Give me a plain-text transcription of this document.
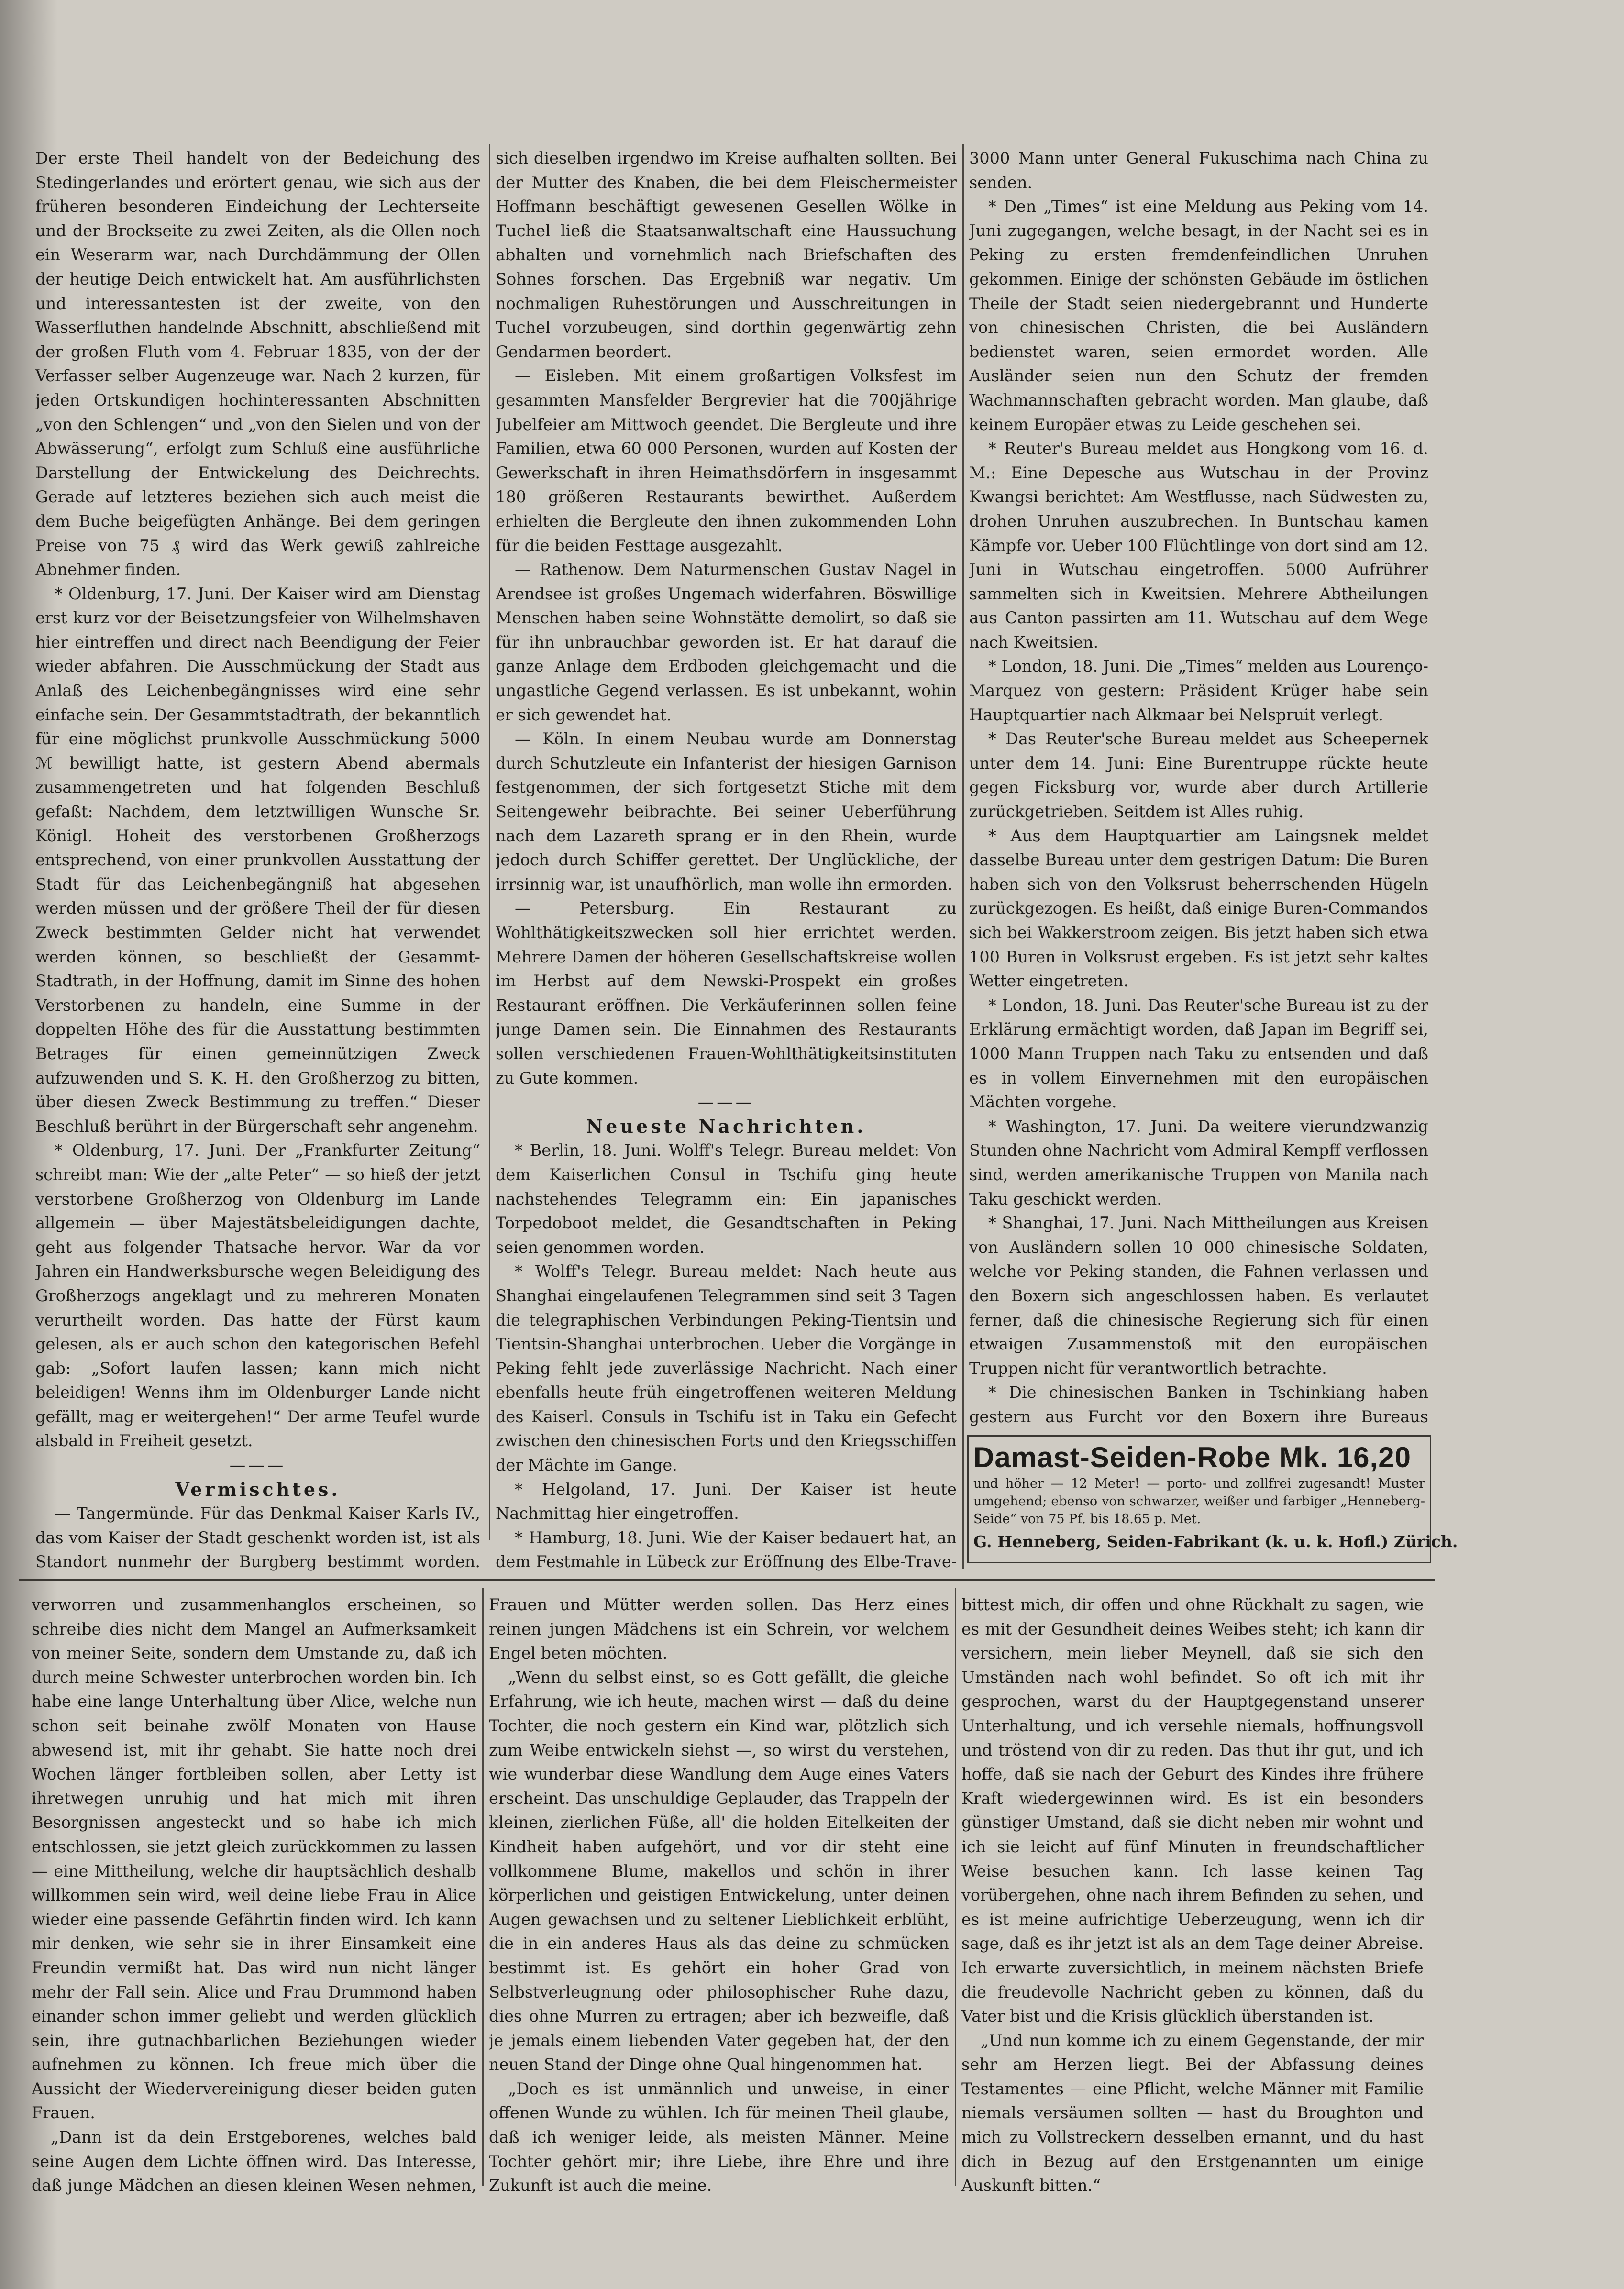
Der erste Theil handelt von der Bedeichung des Stedingerlandes und erörtert genau, wie sich aus der früheren besonderen Eindeichung der Lechterseite und der Brockseite zu zwei Zeiten, als die Ollen noch ein Weserarm war, nach Durchdämmung der Ollen der heutige Deich entwickelt hat. Am ausführlichsten und interessantesten ist der zweite, von den Wasserfluthen handelnde Abschnitt, abschließend mit der großen Fluth vom 4. Februar 1835, von der der Verfasser selber Augenzeuge war. Nach 2 kurzen, für jeden Ortskundigen hochinteressanten Abschnitten „von den Schlengen“ und „von den Sielen und von der Abwässerung“, erfolgt zum Schluß eine ausführliche Darstellung der Entwickelung des Deichrechts. Gerade auf letzteres beziehen sich auch meist die dem Buche beigefügten Anhänge. Bei dem geringen Preise von 75 ₰ wird das Werk gewiß zahlreiche Abnehmer finden.

* Oldenburg, 17. Juni. Der Kaiser wird am Dienstag erst kurz vor der Beisetzungsfeier von Wilhelmshaven hier eintreffen und direct nach Beendigung der Feier wieder abfahren. Die Ausschmückung der Stadt aus Anlaß des Leichenbegängnisses wird eine sehr einfache sein. Der Gesammtstadtrath, der bekanntlich für eine möglichst prunkvolle Ausschmückung 5000 ℳ bewilligt hatte, ist gestern Abend abermals zusammengetreten und hat folgenden Beschluß gefaßt: Nachdem, dem letztwilligen Wunsche Sr. Königl. Hoheit des verstorbenen Großherzogs entsprechend, von einer prunkvollen Ausstattung der Stadt für das Leichenbegängniß hat abgesehen werden müssen und der größere Theil der für diesen Zweck bestimmten Gelder nicht hat verwendet werden können, so beschließt der Gesammt-Stadtrath, in der Hoffnung, damit im Sinne des hohen Verstorbenen zu handeln, eine Summe in der doppelten Höhe des für die Ausstattung bestimmten Betrages für einen gemeinnützigen Zweck aufzuwenden und S. K. H. den Großherzog zu bitten, über diesen Zweck Bestimmung zu treffen.“ Dieser Beschluß berührt in der Bürgerschaft sehr angenehm.

* Oldenburg, 17. Juni. Der „Frankfurter Zeitung“ schreibt man: Wie der „alte Peter“ — so hieß der jetzt verstorbene Großherzog von Oldenburg im Lande allgemein — über Majestätsbeleidigungen dachte, geht aus folgender Thatsache hervor. War da vor Jahren ein Handwerksbursche wegen Beleidigung des Großherzogs angeklagt und zu mehreren Monaten verurtheilt worden. Das hatte der Fürst kaum gelesen, als er auch schon den kategorischen Befehl gab: „Sofort laufen lassen; kann mich nicht beleidigen! Wenns ihm im Oldenburger Lande nicht gefällt, mag er weitergehen!“ Der arme Teufel wurde alsbald in Freiheit gesetzt.

———

Vermischtes.

— Tangermünde. Für das Denkmal Kaiser Karls IV., das vom Kaiser der Stadt geschenkt worden ist, ist als Standort nunmehr der Burgberg bestimmt worden.

sich dieselben irgendwo im Kreise aufhalten sollten. Bei der Mutter des Knaben, die bei dem Fleischermeister Hoffmann beschäftigt gewesenen Gesellen Wölke in Tuchel ließ die Staatsanwaltschaft eine Haussuchung abhalten und vornehmlich nach Briefschaften des Sohnes forschen. Das Ergebniß war negativ. Um nochmaligen Ruhestörungen und Ausschreitungen in Tuchel vorzubeugen, sind dorthin gegenwärtig zehn Gendarmen beordert.

— Eisleben. Mit einem großartigen Volksfest im gesammten Mansfelder Bergrevier hat die 700jährige Jubelfeier am Mittwoch geendet. Die Bergleute und ihre Familien, etwa 60 000 Personen, wurden auf Kosten der Gewerkschaft in ihren Heimathsdörfern in insgesammt 180 größeren Restaurants bewirthet. Außerdem erhielten die Bergleute den ihnen zukommenden Lohn für die beiden Festtage ausgezahlt.

— Rathenow. Dem Naturmenschen Gustav Nagel in Arendsee ist großes Ungemach widerfahren. Böswillige Menschen haben seine Wohnstätte demolirt, so daß sie für ihn unbrauchbar geworden ist. Er hat darauf die ganze Anlage dem Erdboden gleichgemacht und die ungastliche Gegend verlassen. Es ist unbekannt, wohin er sich gewendet hat.

— Köln. In einem Neubau wurde am Donnerstag durch Schutzleute ein Infanterist der hiesigen Garnison festgenommen, der sich fortgesetzt Stiche mit dem Seitengewehr beibrachte. Bei seiner Ueberführung nach dem Lazareth sprang er in den Rhein, wurde jedoch durch Schiffer gerettet. Der Unglückliche, der irrsinnig war, ist unaufhörlich, man wolle ihn ermorden.

— Petersburg. Ein Restaurant zu Wohlthätigkeitszwecken soll hier errichtet werden. Mehrere Damen der höheren Gesellschaftskreise wollen im Herbst auf dem Newski-Prospekt ein großes Restaurant eröffnen. Die Verkäuferinnen sollen feine junge Damen sein. Die Einnahmen des Restaurants sollen verschiedenen Frauen-Wohlthätigkeitsinstituten zu Gute kommen.

———

Neueste Nachrichten.

* Berlin, 18. Juni. Wolff's Telegr. Bureau meldet: Von dem Kaiserlichen Consul in Tschifu ging heute nachstehendes Telegramm ein: Ein japanisches Torpedoboot meldet, die Gesandtschaften in Peking seien genommen worden.

* Wolff's Telegr. Bureau meldet: Nach heute aus Shanghai eingelaufenen Telegrammen sind seit 3 Tagen die telegraphischen Verbindungen Peking-Tientsin und Tientsin-Shanghai unterbrochen. Ueber die Vorgänge in Peking fehlt jede zuverlässige Nachricht. Nach einer ebenfalls heute früh eingetroffenen weiteren Meldung des Kaiserl. Consuls in Tschifu ist in Taku ein Gefecht zwischen den chinesischen Forts und den Kriegsschiffen der Mächte im Gange.

* Helgoland, 17. Juni. Der Kaiser ist heute Nachmittag hier eingetroffen.

* Hamburg, 18. Juni. Wie der Kaiser bedauert hat, an dem Festmahle in Lübeck zur Eröffnung des Elbe-Trave-

3000 Mann unter General Fukuschima nach China zu senden.

* Den „Times“ ist eine Meldung aus Peking vom 14. Juni zugegangen, welche besagt, in der Nacht sei es in Peking zu ersten fremdenfeindlichen Unruhen gekommen. Einige der schönsten Gebäude im östlichen Theile der Stadt seien niedergebrannt und Hunderte von chinesischen Christen, die bei Ausländern bedienstet waren, seien ermordet worden. Alle Ausländer seien nun den Schutz der fremden Wachmannschaften gebracht worden. Man glaube, daß keinem Europäer etwas zu Leide geschehen sei.

* Reuter's Bureau meldet aus Hongkong vom 16. d. M.: Eine Depesche aus Wutschau in der Provinz Kwangsi berichtet: Am Westflusse, nach Südwesten zu, drohen Unruhen auszubrechen. In Buntschau kamen Kämpfe vor. Ueber 100 Flüchtlinge von dort sind am 12. Juni in Wutschau eingetroffen. 5000 Aufrührer sammelten sich in Kweitsien. Mehrere Abtheilungen aus Canton passirten am 11. Wutschau auf dem Wege nach Kweitsien.

* London, 18. Juni. Die „Times“ melden aus Lourenço-Marquez von gestern: Präsident Krüger habe sein Hauptquartier nach Alkmaar bei Nelspruit verlegt.

* Das Reuter'sche Bureau meldet aus Scheepernek unter dem 14. Juni: Eine Burentruppe rückte heute gegen Ficksburg vor, wurde aber durch Artillerie zurückgetrieben. Seitdem ist Alles ruhig.

* Aus dem Hauptquartier am Laingsnek meldet dasselbe Bureau unter dem gestrigen Datum: Die Buren haben sich von den Volksrust beherrschenden Hügeln zurückgezogen. Es heißt, daß einige Buren-Commandos sich bei Wakkerstroom zeigen. Bis jetzt haben sich etwa 100 Buren in Volksrust ergeben. Es ist jetzt sehr kaltes Wetter eingetreten.

* London, 18. Juni. Das Reuter'sche Bureau ist zu der Erklärung ermächtigt worden, daß Japan im Begriff sei, 1000 Mann Truppen nach Taku zu entsenden und daß es in vollem Einvernehmen mit den europäischen Mächten vorgehe.

* Washington, 17. Juni. Da weitere vierundzwanzig Stunden ohne Nachricht vom Admiral Kempff verflossen sind, werden amerikanische Truppen von Manila nach Taku geschickt werden.

* Shanghai, 17. Juni. Nach Mittheilungen aus Kreisen von Ausländern sollen 10 000 chinesische Soldaten, welche vor Peking standen, die Fahnen verlassen und den Boxern sich angeschlossen haben. Es verlautet ferner, daß die chinesische Regierung sich für einen etwaigen Zusammenstoß mit den europäischen Truppen nicht für verantwortlich betrachte.

* Die chinesischen Banken in Tschinkiang haben gestern aus Furcht vor den Boxern ihre Bureaus

Damast-Seiden-Robe Mk. 16,20
und höher — 12 Meter! — porto- und zollfrei zugesandt! Muster umgehend; ebenso von schwarzer, weißer und farbiger „Henneberg-Seide“ von 75 Pf. bis 18.65 p. Met.
G. Henneberg, Seiden-Fabrikant (k. u. k. Hofl.) Zürich.

verworren und zusammenhanglos erscheinen, so schreibe dies nicht dem Mangel an Aufmerksamkeit von meiner Seite, sondern dem Umstande zu, daß ich durch meine Schwester unterbrochen worden bin. Ich habe eine lange Unterhaltung über Alice, welche nun schon seit beinahe zwölf Monaten von Hause abwesend ist, mit ihr gehabt. Sie hatte noch drei Wochen länger fortbleiben sollen, aber Letty ist ihretwegen unruhig und hat mich mit ihren Besorgnissen angesteckt und so habe ich mich entschlossen, sie jetzt gleich zurückkommen zu lassen — eine Mittheilung, welche dir hauptsächlich deshalb willkommen sein wird, weil deine liebe Frau in Alice wieder eine passende Gefährtin finden wird. Ich kann mir denken, wie sehr sie in ihrer Einsamkeit eine Freundin vermißt hat. Das wird nun nicht länger mehr der Fall sein. Alice und Frau Drummond haben einander schon immer geliebt und werden glücklich sein, ihre gutnachbarlichen Beziehungen wieder aufnehmen zu können. Ich freue mich über die Aussicht der Wiedervereinigung dieser beiden guten Frauen.

„Dann ist da dein Erstgeborenes, welches bald seine Augen dem Lichte öffnen wird. Das Interesse, daß junge Mädchen an diesen kleinen Wesen nehmen,

Frauen und Mütter werden sollen. Das Herz eines reinen jungen Mädchens ist ein Schrein, vor welchem Engel beten möchten.

„Wenn du selbst einst, so es Gott gefällt, die gleiche Erfahrung, wie ich heute, machen wirst — daß du deine Tochter, die noch gestern ein Kind war, plötzlich sich zum Weibe entwickeln siehst —, so wirst du verstehen, wie wunderbar diese Wandlung dem Auge eines Vaters erscheint. Das unschuldige Geplauder, das Trappeln der kleinen, zierlichen Füße, all' die holden Eitelkeiten der Kindheit haben aufgehört, und vor dir steht eine vollkommene Blume, makellos und schön in ihrer körperlichen und geistigen Entwickelung, unter deinen Augen gewachsen und zu seltener Lieblichkeit erblüht, die in ein anderes Haus als das deine zu schmücken bestimmt ist. Es gehört ein hoher Grad von Selbstverleugnung oder philosophischer Ruhe dazu, dies ohne Murren zu ertragen; aber ich bezweifle, daß je jemals einem liebenden Vater gegeben hat, der den neuen Stand der Dinge ohne Qual hingenommen hat.

„Doch es ist unmännlich und unweise, in einer offenen Wunde zu wühlen. Ich für meinen Theil glaube, daß ich weniger leide, als meisten Männer. Meine Tochter gehört mir; ihre Liebe, ihre Ehre und ihre Zukunft ist auch die meine.

bittest mich, dir offen und ohne Rückhalt zu sagen, wie es mit der Gesundheit deines Weibes steht; ich kann dir versichern, mein lieber Meynell, daß sie sich den Umständen nach wohl befindet. So oft ich mit ihr gesprochen, warst du der Hauptgegenstand unserer Unterhaltung, und ich versehle niemals, hoffnungsvoll und tröstend von dir zu reden. Das thut ihr gut, und ich hoffe, daß sie nach der Geburt des Kindes ihre frühere Kraft wiedergewinnen wird. Es ist ein besonders günstiger Umstand, daß sie dicht neben mir wohnt und ich sie leicht auf fünf Minuten in freundschaftlicher Weise besuchen kann. Ich lasse keinen Tag vorübergehen, ohne nach ihrem Befinden zu sehen, und es ist meine aufrichtige Ueberzeugung, wenn ich dir sage, daß es ihr jetzt ist als an dem Tage deiner Abreise. Ich erwarte zuversichtlich, in meinem nächsten Briefe die freudevolle Nachricht geben zu können, daß du Vater bist und die Krisis glücklich überstanden ist.

„Und nun komme ich zu einem Gegenstande, der mir sehr am Herzen liegt. Bei der Abfassung deines Testamentes — eine Pflicht, welche Männer mit Familie niemals versäumen sollten — hast du Broughton und mich zu Vollstreckern desselben ernannt, und du hast dich in Bezug auf den Erstgenannten um einige Auskunft bitten.“
